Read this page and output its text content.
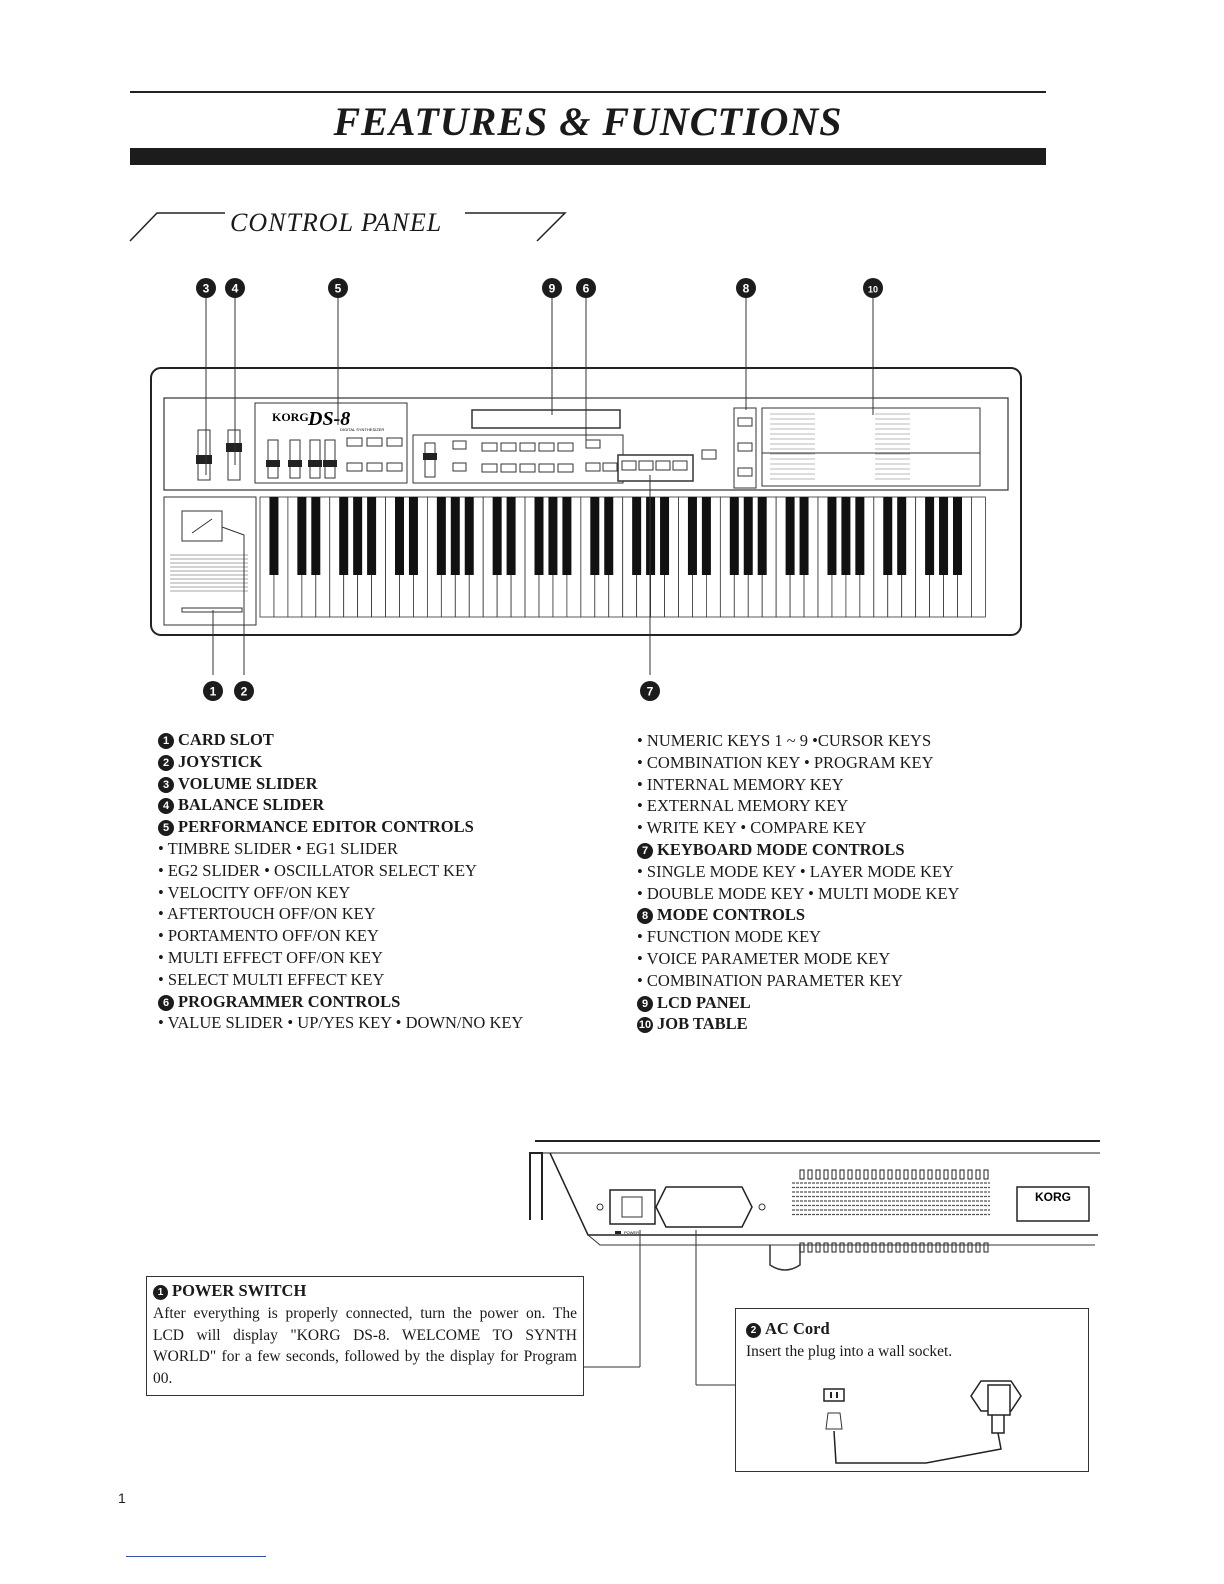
FEATURES & FUNCTIONS
CONTROL PANEL
KORG DS-8
DIGITAL SYNTHESIZER
3 4	5	9 6	8	10
1 2	7
1 CARD SLOT
2 JOYSTICK
3 VOLUME SLIDER
4 BALANCE SLIDER
5 PERFORMANCE EDITOR CONTROLS
• TIMBRE SLIDER • EG1 SLIDER
• EG2 SLIDER • OSCILLATOR SELECT KEY
• VELOCITY OFF/ON KEY
• AFTERTOUCH OFF/ON KEY
• PORTAMENTO OFF/ON KEY
• MULTI EFFECT OFF/ON KEY
• SELECT MULTI EFFECT KEY
6 PROGRAMMER CONTROLS
• VALUE SLIDER • UP/YES KEY • DOWN/NO KEY
• NUMERIC KEYS 1 ~ 9 •CURSOR KEYS
• COMBINATION KEY • PROGRAM KEY
• INTERNAL MEMORY KEY
• EXTERNAL MEMORY KEY
• WRITE KEY • COMPARE KEY
7 KEYBOARD MODE CONTROLS
• SINGLE MODE KEY • LAYER MODE KEY
• DOUBLE MODE KEY • MULTI MODE KEY
8 MODE CONTROLS
• FUNCTION MODE KEY
• VOICE PARAMETER MODE KEY
• COMBINATION PARAMETER KEY
9 LCD PANEL
10 JOB TABLE
POWER
KORG
1 POWER SWITCH
After everything is properly connected, turn the power on. The LCD will display "KORG DS-8. WELCOME TO SYNTH WORLD" for a few seconds, followed by the display for Program 00.
2 AC Cord
Insert the plug into a wall socket.
1
